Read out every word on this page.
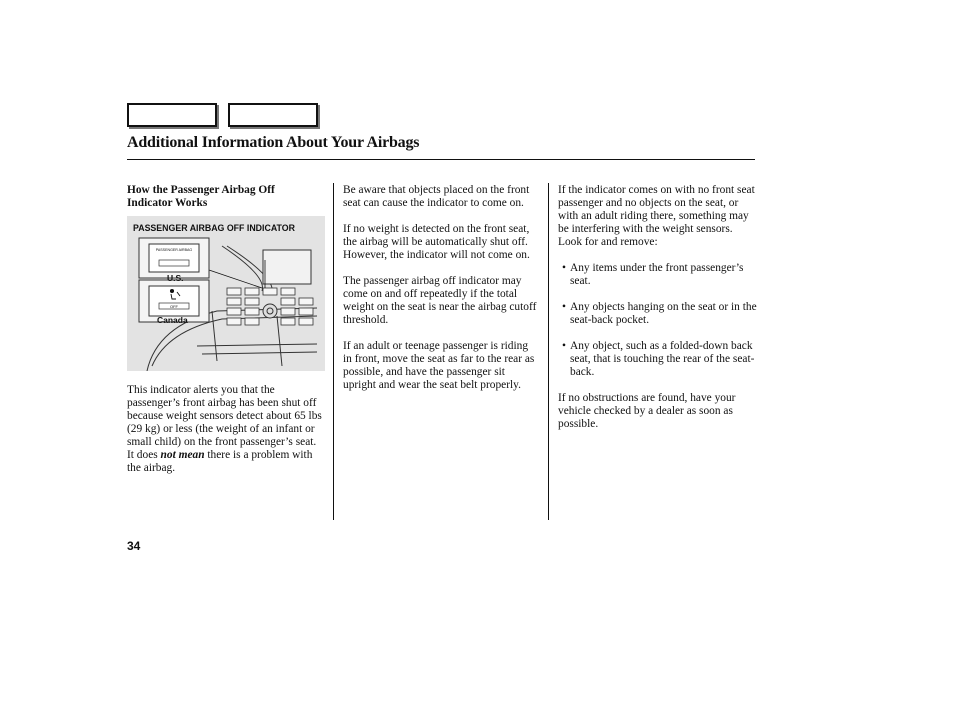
Additional Information About Your Airbags
How the Passenger Airbag Off Indicator Works
PASSENGER AIRBAG OFF INDICATOR
PASSENGER AIRBAG
OFF
U.S.
Canada

This indicator alerts you that the passenger’s front airbag has been shut off because weight sensors detect about 65 lbs (29 kg) or less (the weight of an infant or small child) on the front passenger’s seat. It does not mean there is a problem with the airbag.

Be aware that objects placed on the front seat can cause the indicator to come on.

If no weight is detected on the front seat, the airbag will be automatically shut off. However, the indicator will not come on.

The passenger airbag off indicator may come on and off repeatedly if the total weight on the seat is near the airbag cutoff threshold.

If an adult or teenage passenger is riding in front, move the seat as far to the rear as possible, and have the passenger sit upright and wear the seat belt properly.

If the indicator comes on with no front seat passenger and no objects on the seat, or with an adult riding there, something may be interfering with the weight sensors. Look for and remove:

• Any items under the front passenger’s seat.
• Any objects hanging on the seat or in the seat-back pocket.
• Any object, such as a folded-down back seat, that is touching the rear of the seat-back.

If no obstructions are found, have your vehicle checked by a dealer as soon as possible.

34
